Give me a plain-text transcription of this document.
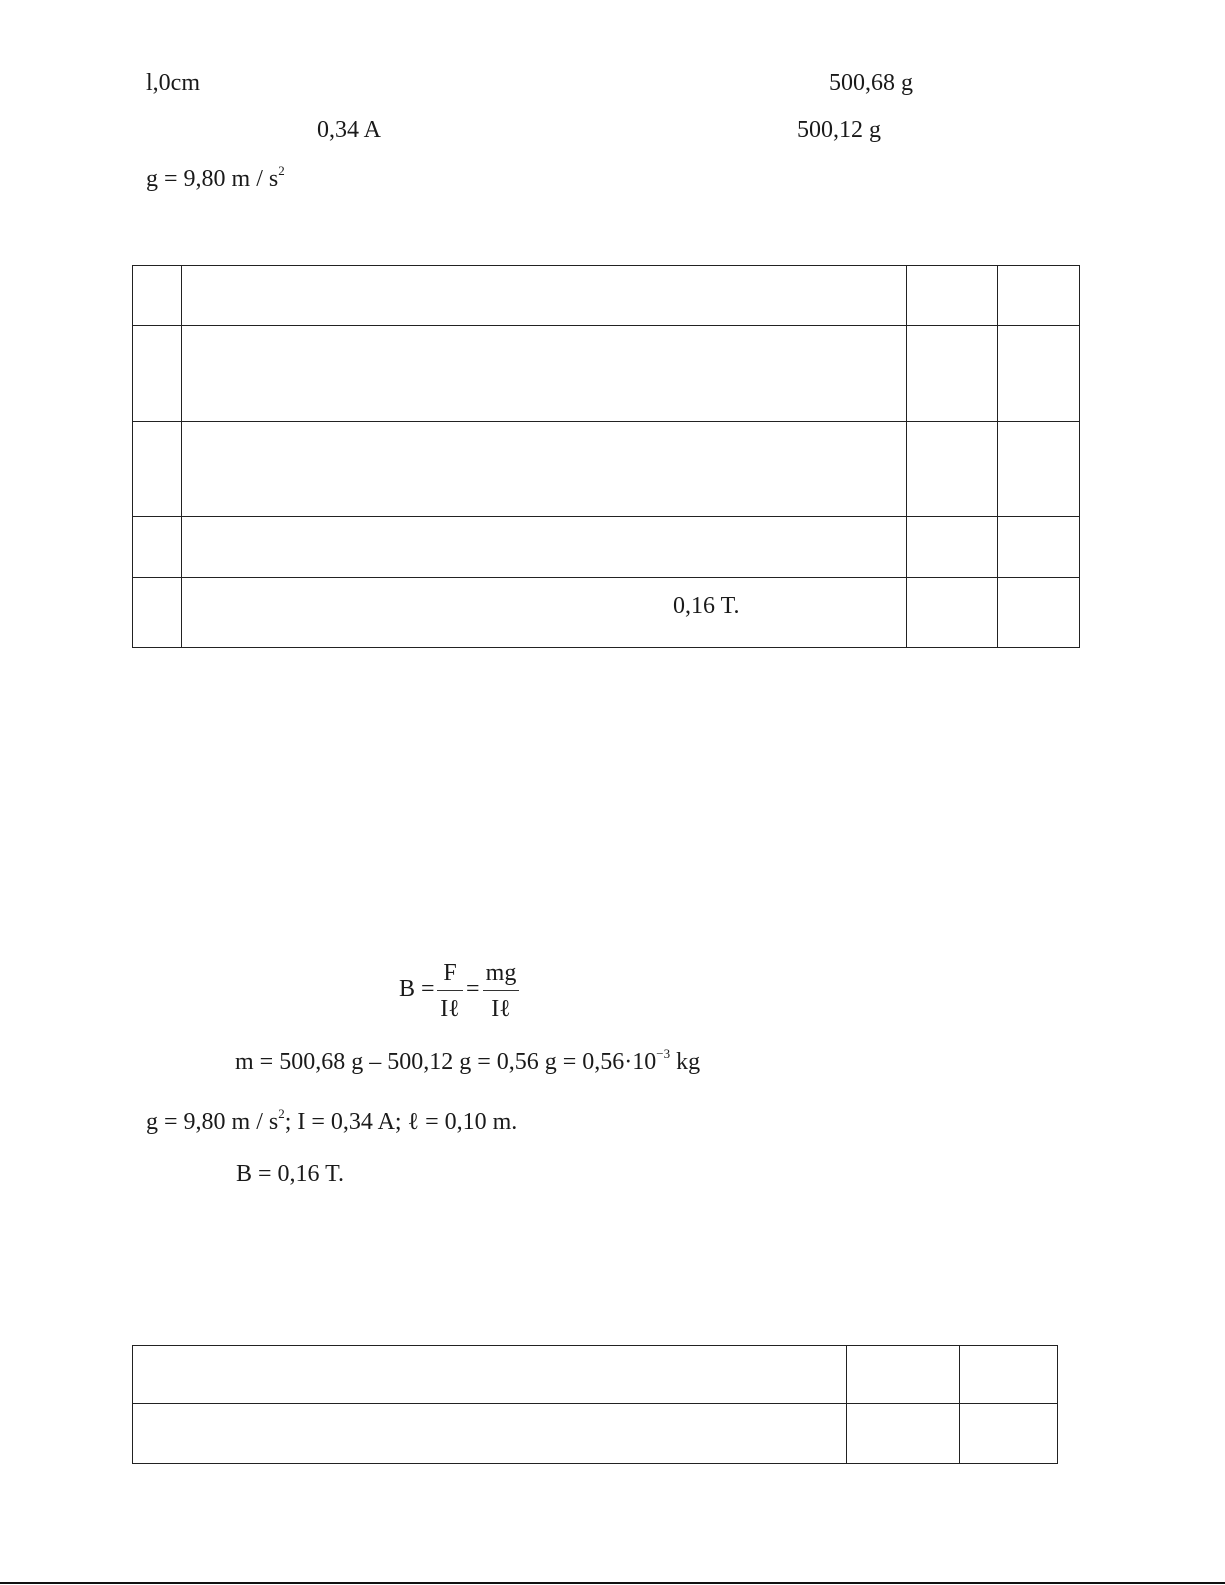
l,0cm	500,68 g
0,34 A	500,12 g
g = 9,80 m / $s^2$
0,16 T.
B =
F
Iℓ
=
mg
Iℓ
m = 500,68 g – 500,12 g = 0,56 $g = 0,56\cdot 10^{-3}$ kg
g = 9,80 m / $s^2$; I = 0,34 A; ℓ = 0,10 m.
B = 0,16 T.
